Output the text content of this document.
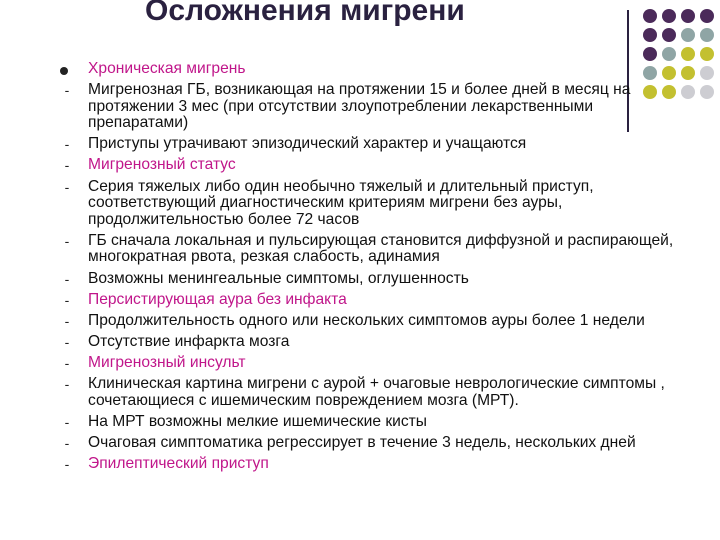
Осложнения мигрени
Хроническая мигрень
- Мигренозная ГБ, возникающая на протяжении 15 и более дней в месяц на протяжении 3 мес (при отсутствии злоупотреблении лекарственными препаратами)
- Приступы утрачивают эпизодический характер и учащаются
- Мигренозный статус
- Серия тяжелых либо один необычно тяжелый и длительный приступ, соответствующий диагностическим критериям мигрени без ауры, продолжительностью более 72 часов
- ГБ сначала локальная и пульсирующая становится диффузной и распирающей, многократная рвота, резкая слабость, адинамия
- Возможны менингеальные симптомы, оглушенность
- Персистирующая аура без инфакта
- Продолжительность одного или нескольких симптомов ауры более 1 недели
- Отсутствие инфаркта мозга
- Мигренозный инсульт
- Клиническая картина мигрени с аурой + очаговые неврологические симптомы , сочетающиеся с ишемическим повреждением мозга (МРТ).
- На МРТ возможны мелкие ишемические кисты
- Очаговая симптоматика регрессирует в течение 3 недель, нескольких дней
- Эпилептический приступ
